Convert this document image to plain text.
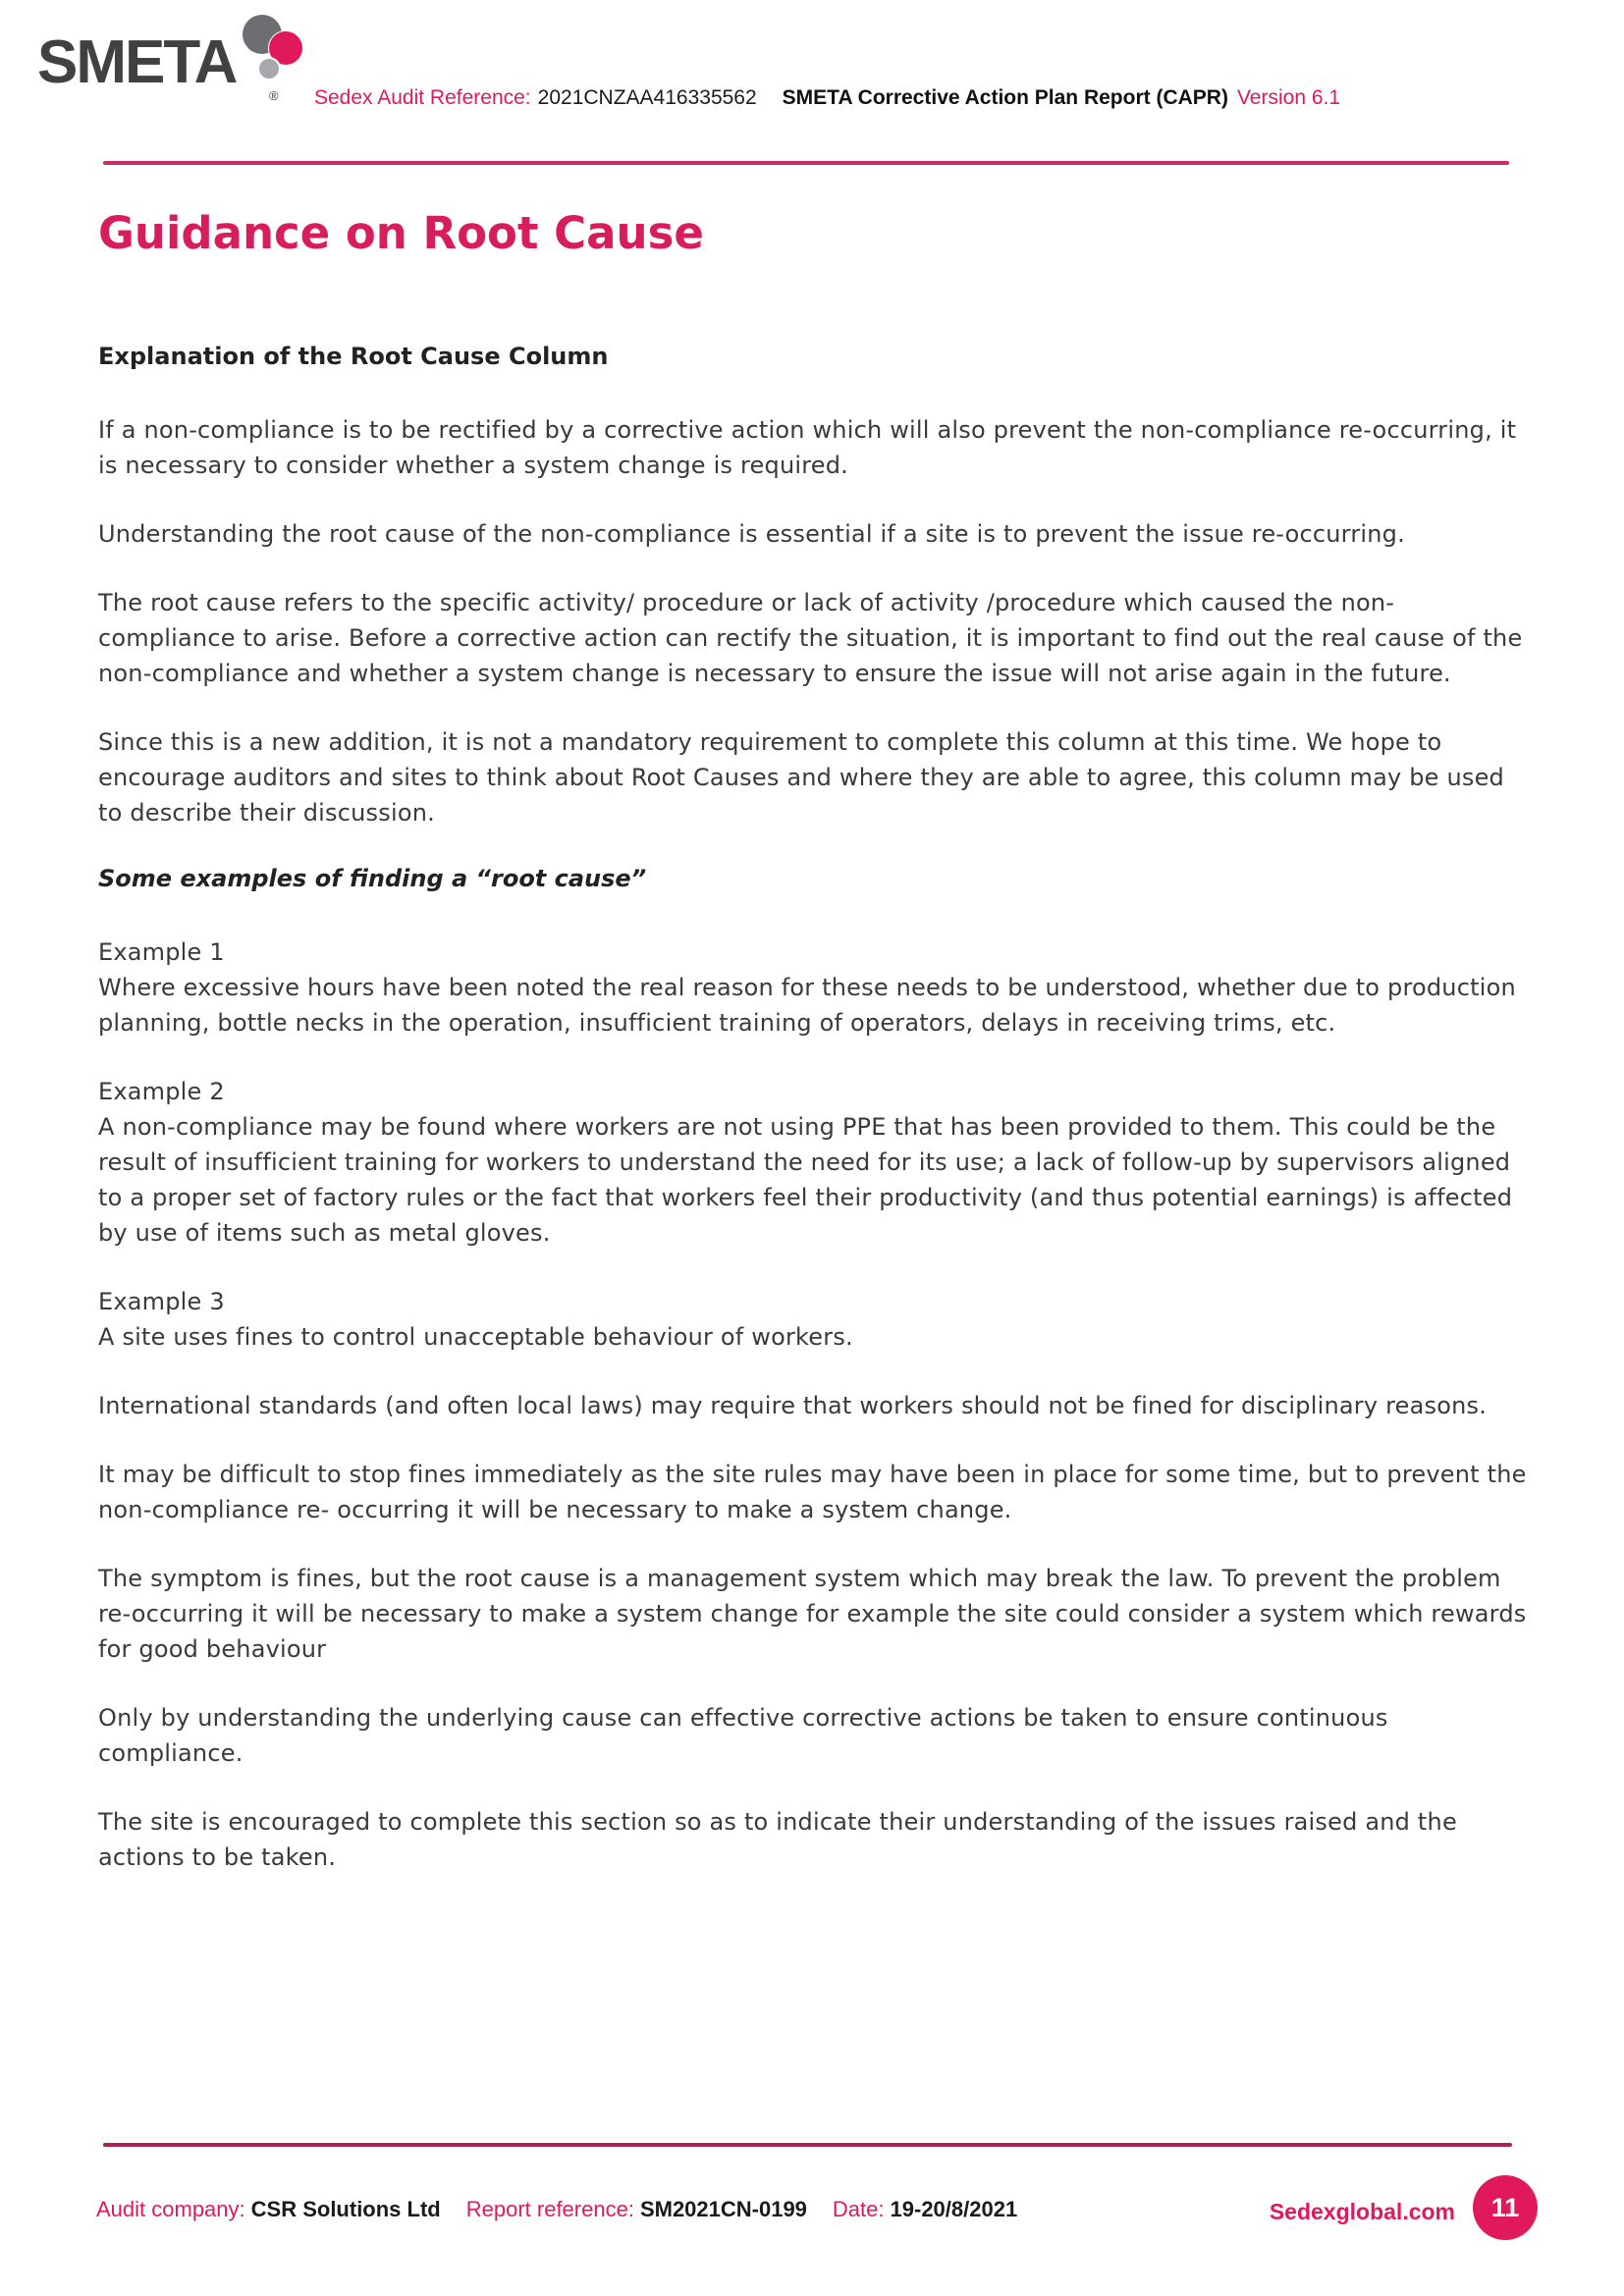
SMETA	® Sedex Audit Reference: 2021CNZAA416335562 SMETA Corrective Action Plan Report (CAPR) Version 6.1
Guidance on Root Cause
Explanation of the Root Cause Column

If a non-compliance is to be rectified by a corrective action which will also prevent the non-compliance re-occurring, it is necessary to consider whether a system change is required.

Understanding the root cause of the non-compliance is essential if a site is to prevent the issue re-occurring.

The root cause refers to the specific activity/ procedure or lack of activity /procedure which caused the non-compliance to arise. Before a corrective action can rectify the situation, it is important to find out the real cause of the non-compliance and whether a system change is necessary to ensure the issue will not arise again in the future.

Since this is a new addition, it is not a mandatory requirement to complete this column at this time. We hope to encourage auditors and sites to think about Root Causes and where they are able to agree, this column may be used to describe their discussion.

Some examples of finding a “root cause”
Example 1
Where excessive hours have been noted the real reason for these needs to be understood, whether due to production planning, bottle necks in the operation, insufficient training of operators, delays in receiving trims, etc.
Example 2
A non-compliance may be found where workers are not using PPE that has been provided to them. This could be the result of insufficient training for workers to understand the need for its use; a lack of follow-up by supervisors aligned to a proper set of factory rules or the fact that workers feel their productivity (and thus potential earnings) is affected by use of items such as metal gloves.
Example 3
A site uses fines to control unacceptable behaviour of workers.

International standards (and often local laws) may require that workers should not be fined for disciplinary reasons.

It may be difficult to stop fines immediately as the site rules may have been in place for some time, but to prevent the non-compliance re- occurring it will be necessary to make a system change.

The symptom is fines, but the root cause is a management system which may break the law. To prevent the problem re-occurring it will be necessary to make a system change for example the site could consider a system which rewards for good behaviour

Only by understanding the underlying cause can effective corrective actions be taken to ensure continuous compliance.

The site is encouraged to complete this section so as to indicate their understanding of the issues raised and the actions to be taken.

Audit company: CSR Solutions Ltd Report reference: SM2021CN-0199 Date: 19-20/8/2021	Sedexglobal.com 11
